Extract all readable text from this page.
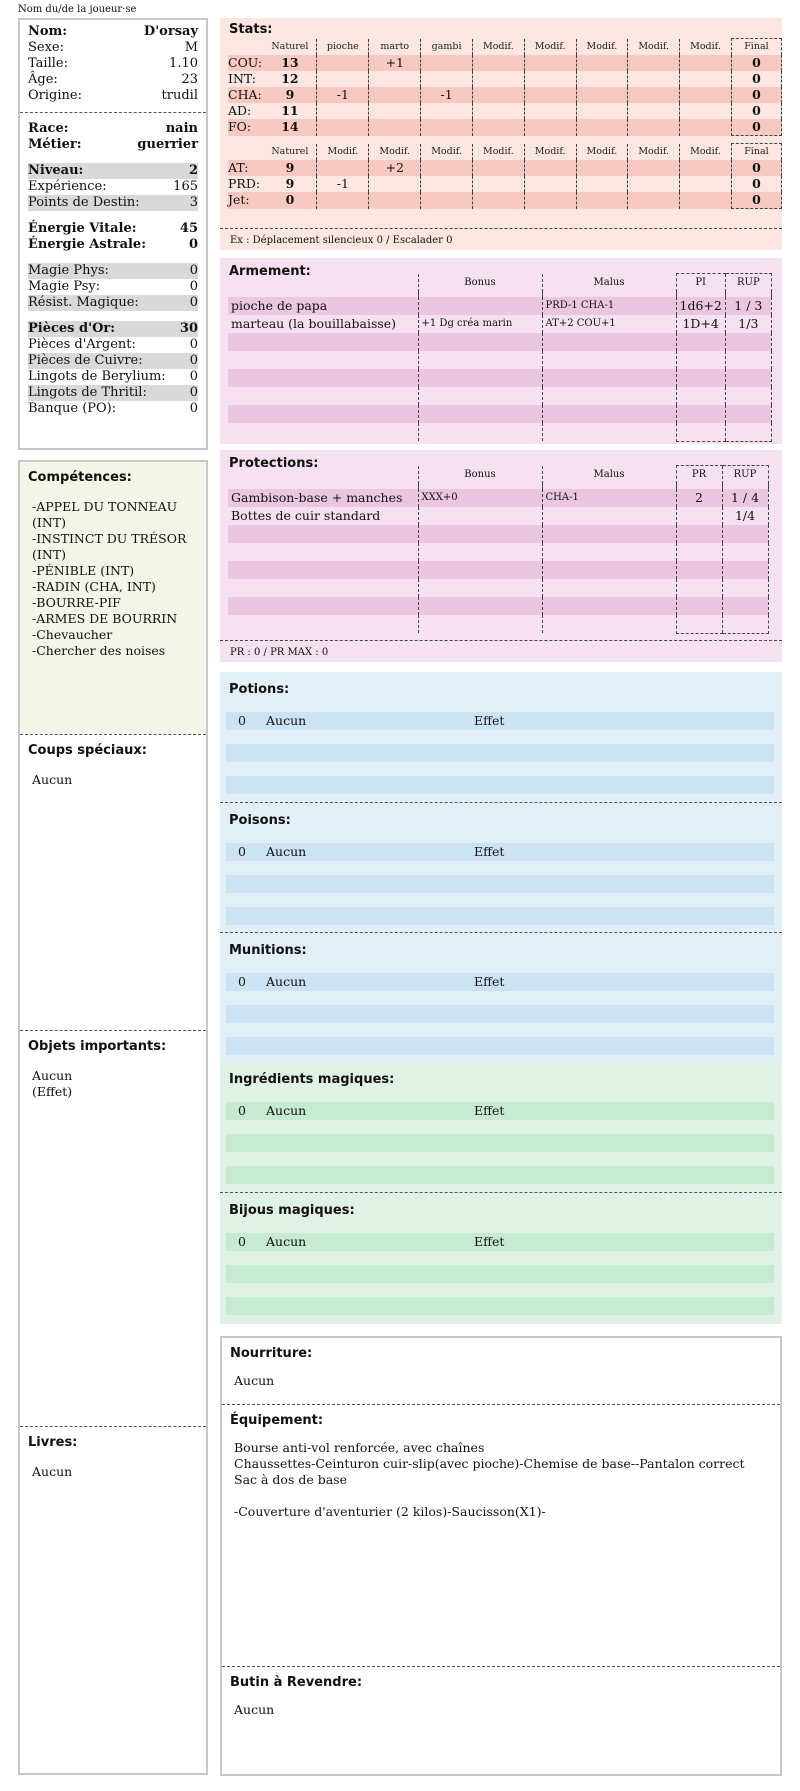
Nom du/de la joueur·se
Nom:	D'orsay
Sexe:	M
Taille:	1.10
Âge:	23
Origine:	trudil
Race:	nain
Métier:	guerrier
Niveau:	2
Expérience:	165
Points de Destin:	3
Énergie Vitale:	45
Énergie Astrale:	0
Magie Phys:	0
Magie Psy:	0
Résist. Magique:	0
Pièces d'Or:	30
Pièces d'Argent:	0
Pièces de Cuivre:	0
Lingots de Berylium: 0
Lingots de Thritil:	0
Banque (PO):	0
Compétences:
-APPEL DU TONNEAU
(INT)
-INSTINCT DU TRÉSOR
(INT)
-PÉNIBLE (INT)
-RADIN (CHA, INT)
-BOURRE-PIF
-ARMES DE BOURRIN
-Chevaucher
-Chercher des noises
Coups spéciaux:
Aucun
Objets importants:
Aucun
(Effet)
Livres:
Aucun
Stats:
	Naturel	pioche	marto	gambi	Modif.	Modif.	Modif.	Modif.	Modif.	Final
COU:	13		+1							0
INT:	12									0
CHA:	9	-1		-1						0
AD:	11									0
FO:	14									0

	Naturel	Modif.	Modif.	Modif.	Modif.	Modif.	Modif.	Modif.	Modif.	Final
AT:	9		+2							0
PRD:	9	-1								0
Jet:	0									0
Ex : Déplacement silencieux 0 / Escalader 0
Armement:
	Bonus	Malus	PI	RUP

pioche de papa		PRD-1 CHA-1	1d6+2	1 / 3
marteau (la bouillabaisse)	+1 Dg créa marin	AT+2 COU+1	1D+4	1/3

Protections:
	Bonus	Malus	PR	RUP

Gambison-base + manches	XXX+0	CHA-1	2	1 / 4
Bottes de cuir standard				1/4

PR : 0 / PR MAX : 0
Potions:
0 Aucun	Effet
Poisons:
0 Aucun	Effet
Munitions:
0 Aucun	Effet
Ingrédients magiques:
0 Aucun	Effet
Bijous magiques:
0 Aucun	Effet
Nourriture:
Aucun
Équipement:
Bourse anti-vol renforcée, avec chaînes
Chaussettes-Ceinturon cuir-slip(avec pioche)-Chemise de base--Pantalon correct
Sac à dos de base
-Couverture d'aventurier (2 kilos)-Saucisson(X1)-
Butin à Revendre:
Aucun
